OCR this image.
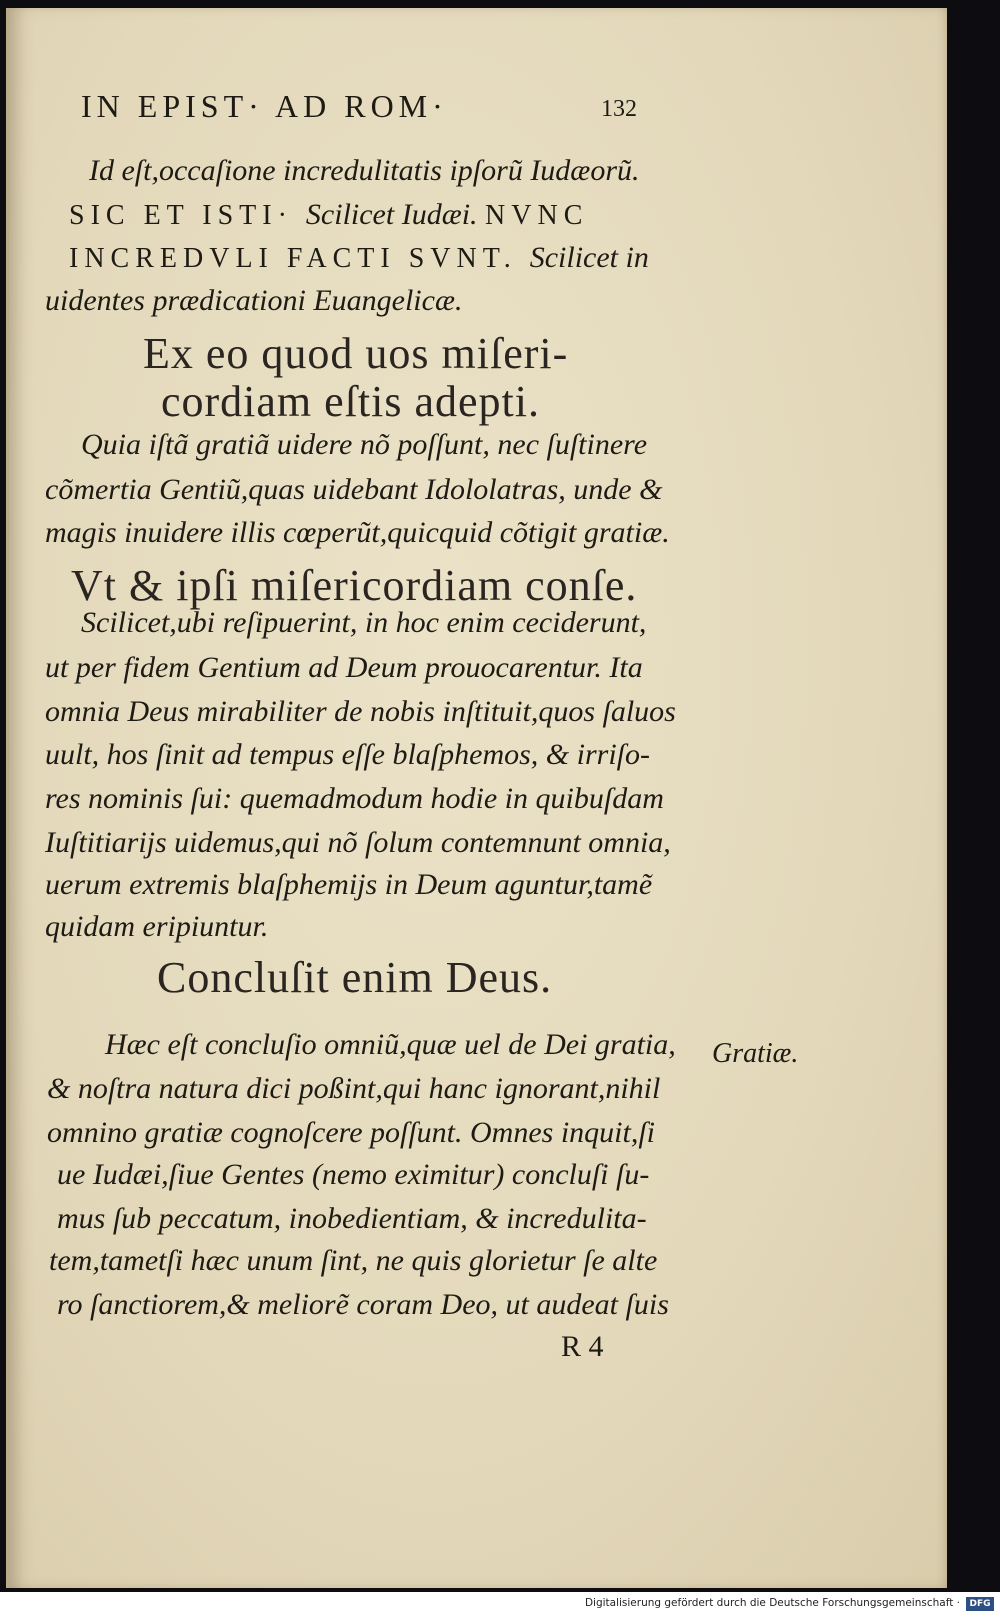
IN EPIST· AD ROM·	132
Gratiæ.
R 4
Id eſt,occaſione incredulitatis ipſorũ Iudæorũ.
SIC ET ISTI· Scilicet Iudæi. NVNC
INCREDVLI FACTI SVNT. Scilicet in
uidentes prædicationi Euangelicæ.
Ex eo quod uos miſeri-
cordiam eſtis adepti.
Quia iſtã gratiã uidere nõ poſſunt, nec ſuſtinere
cõmertia Gentiũ,quas uidebant Idololatras, unde &
magis inuidere illis cœperũt,quicquid cõtigit gratiæ.
Vt & ipſi miſericordiam conſe.
Scilicet,ubi reſipuerint, in hoc enim ceciderunt,
ut per fidem Gentium ad Deum prouocarentur. Ita
omnia Deus mirabiliter de nobis inſtituit,quos ſaluos
uult, hos ſinit ad tempus eſſe blaſphemos, & irriſo-
res nominis ſui: quemadmodum hodie in quibuſdam
Iuſtitiarijs uidemus,qui nõ ſolum contemnunt omnia,
uerum extremis blaſphemijs in Deum aguntur,tamẽ
quidam eripiuntur.
Concluſit enim Deus.
Hæc eſt concluſio omniũ,quæ uel de Dei gratia,
& noſtra natura dici poßint,qui hanc ignorant,nihil
omnino gratiæ cognoſcere poſſunt. Omnes inquit,ſi
ue Iudæi,ſiue Gentes (nemo eximitur) concluſi ſu-
mus ſub peccatum, inobedientiam, & incredulita-
tem,tametſi hæc unum ſint, ne quis glorietur ſe alte
ro ſanctiorem,& meliorẽ coram Deo, ut audeat ſuis
Digitalisierung gefördert durch die Deutsche Forschungsgemeinschaft ·	DFG
